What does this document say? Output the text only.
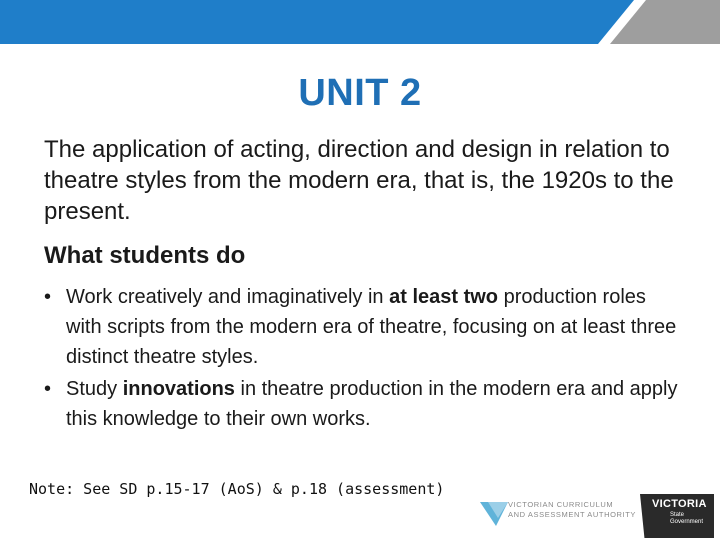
UNIT 2

The application of acting, direction and design in relation to theatre styles from the modern era, that is, the 1920s to the present.

What students do

• Work creatively and imaginatively in at least two production roles with scripts from the modern era of theatre, focusing on at least three distinct theatre styles.
• Study innovations in theatre production in the modern era and apply this knowledge to their own works.
Note: See SD p.15-17 (AoS) & p.18 (assessment)
VICTORIAN CURRICULUM
AND ASSESSMENT AUTHORITY
VICTORIA
State
Government
